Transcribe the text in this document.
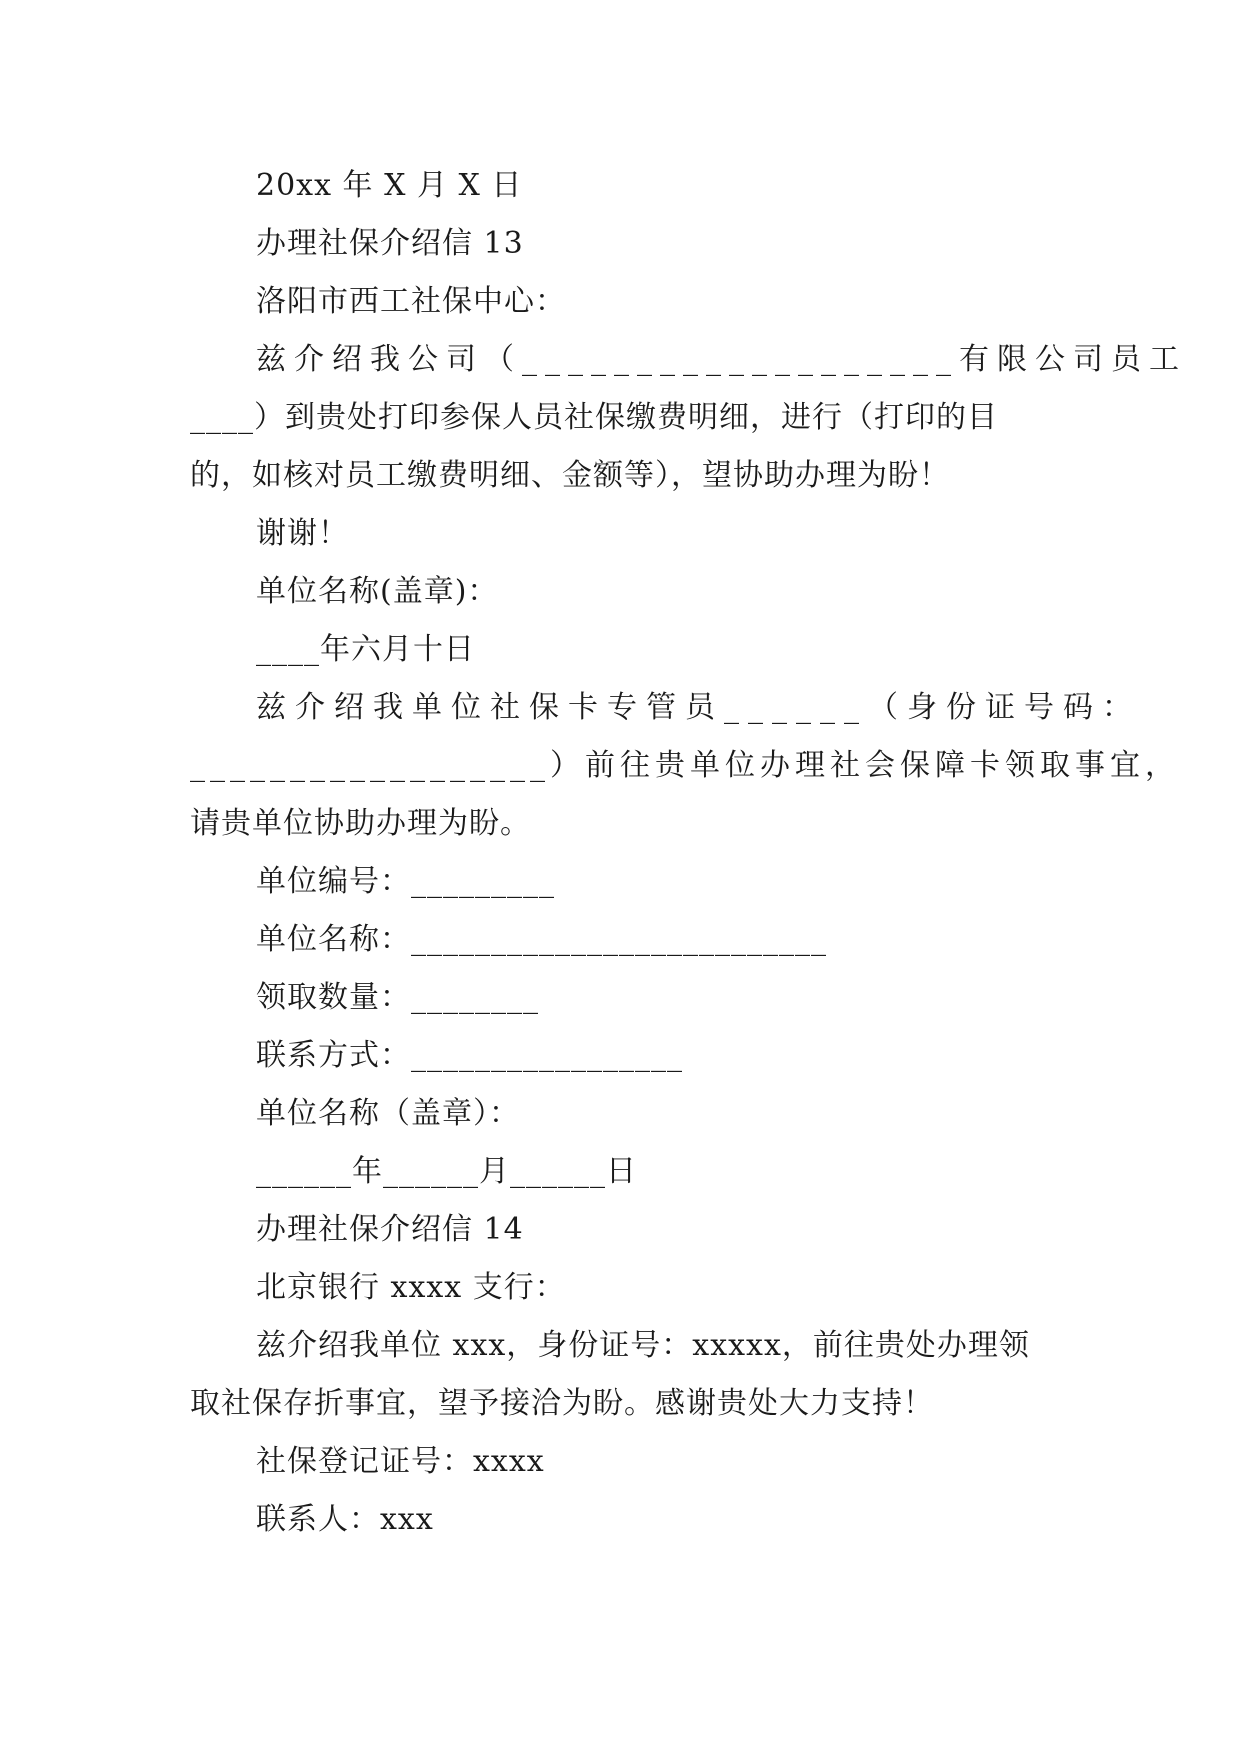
20xx 年 X 月 X 日

办理社保介绍信 13

洛阳市西工社保中心：

兹介绍我公司（___________________有限公司员工

____）到贵处打印参保人员社保缴费明细，进行（打印的目

的，如核对员工缴费明细、金额等），望协助办理为盼！

谢谢！

单位名称(盖章)：

____年六月十日

兹介绍我单位社保卡专管员______（身份证号码：

__________________）前往贵单位办理社会保障卡领取事宜，

请贵单位协助办理为盼。

单位编号：_________

单位名称：__________________________

领取数量：________

联系方式：_________________

单位名称（盖章）：

______年______月______日

办理社保介绍信 14

北京银行 xxxx 支行：

兹介绍我单位 xxx，身份证号：xxxxx，前往贵处办理领

取社保存折事宜，望予接洽为盼。感谢贵处大力支持！

社保登记证号：xxxx

联系人：xxx
